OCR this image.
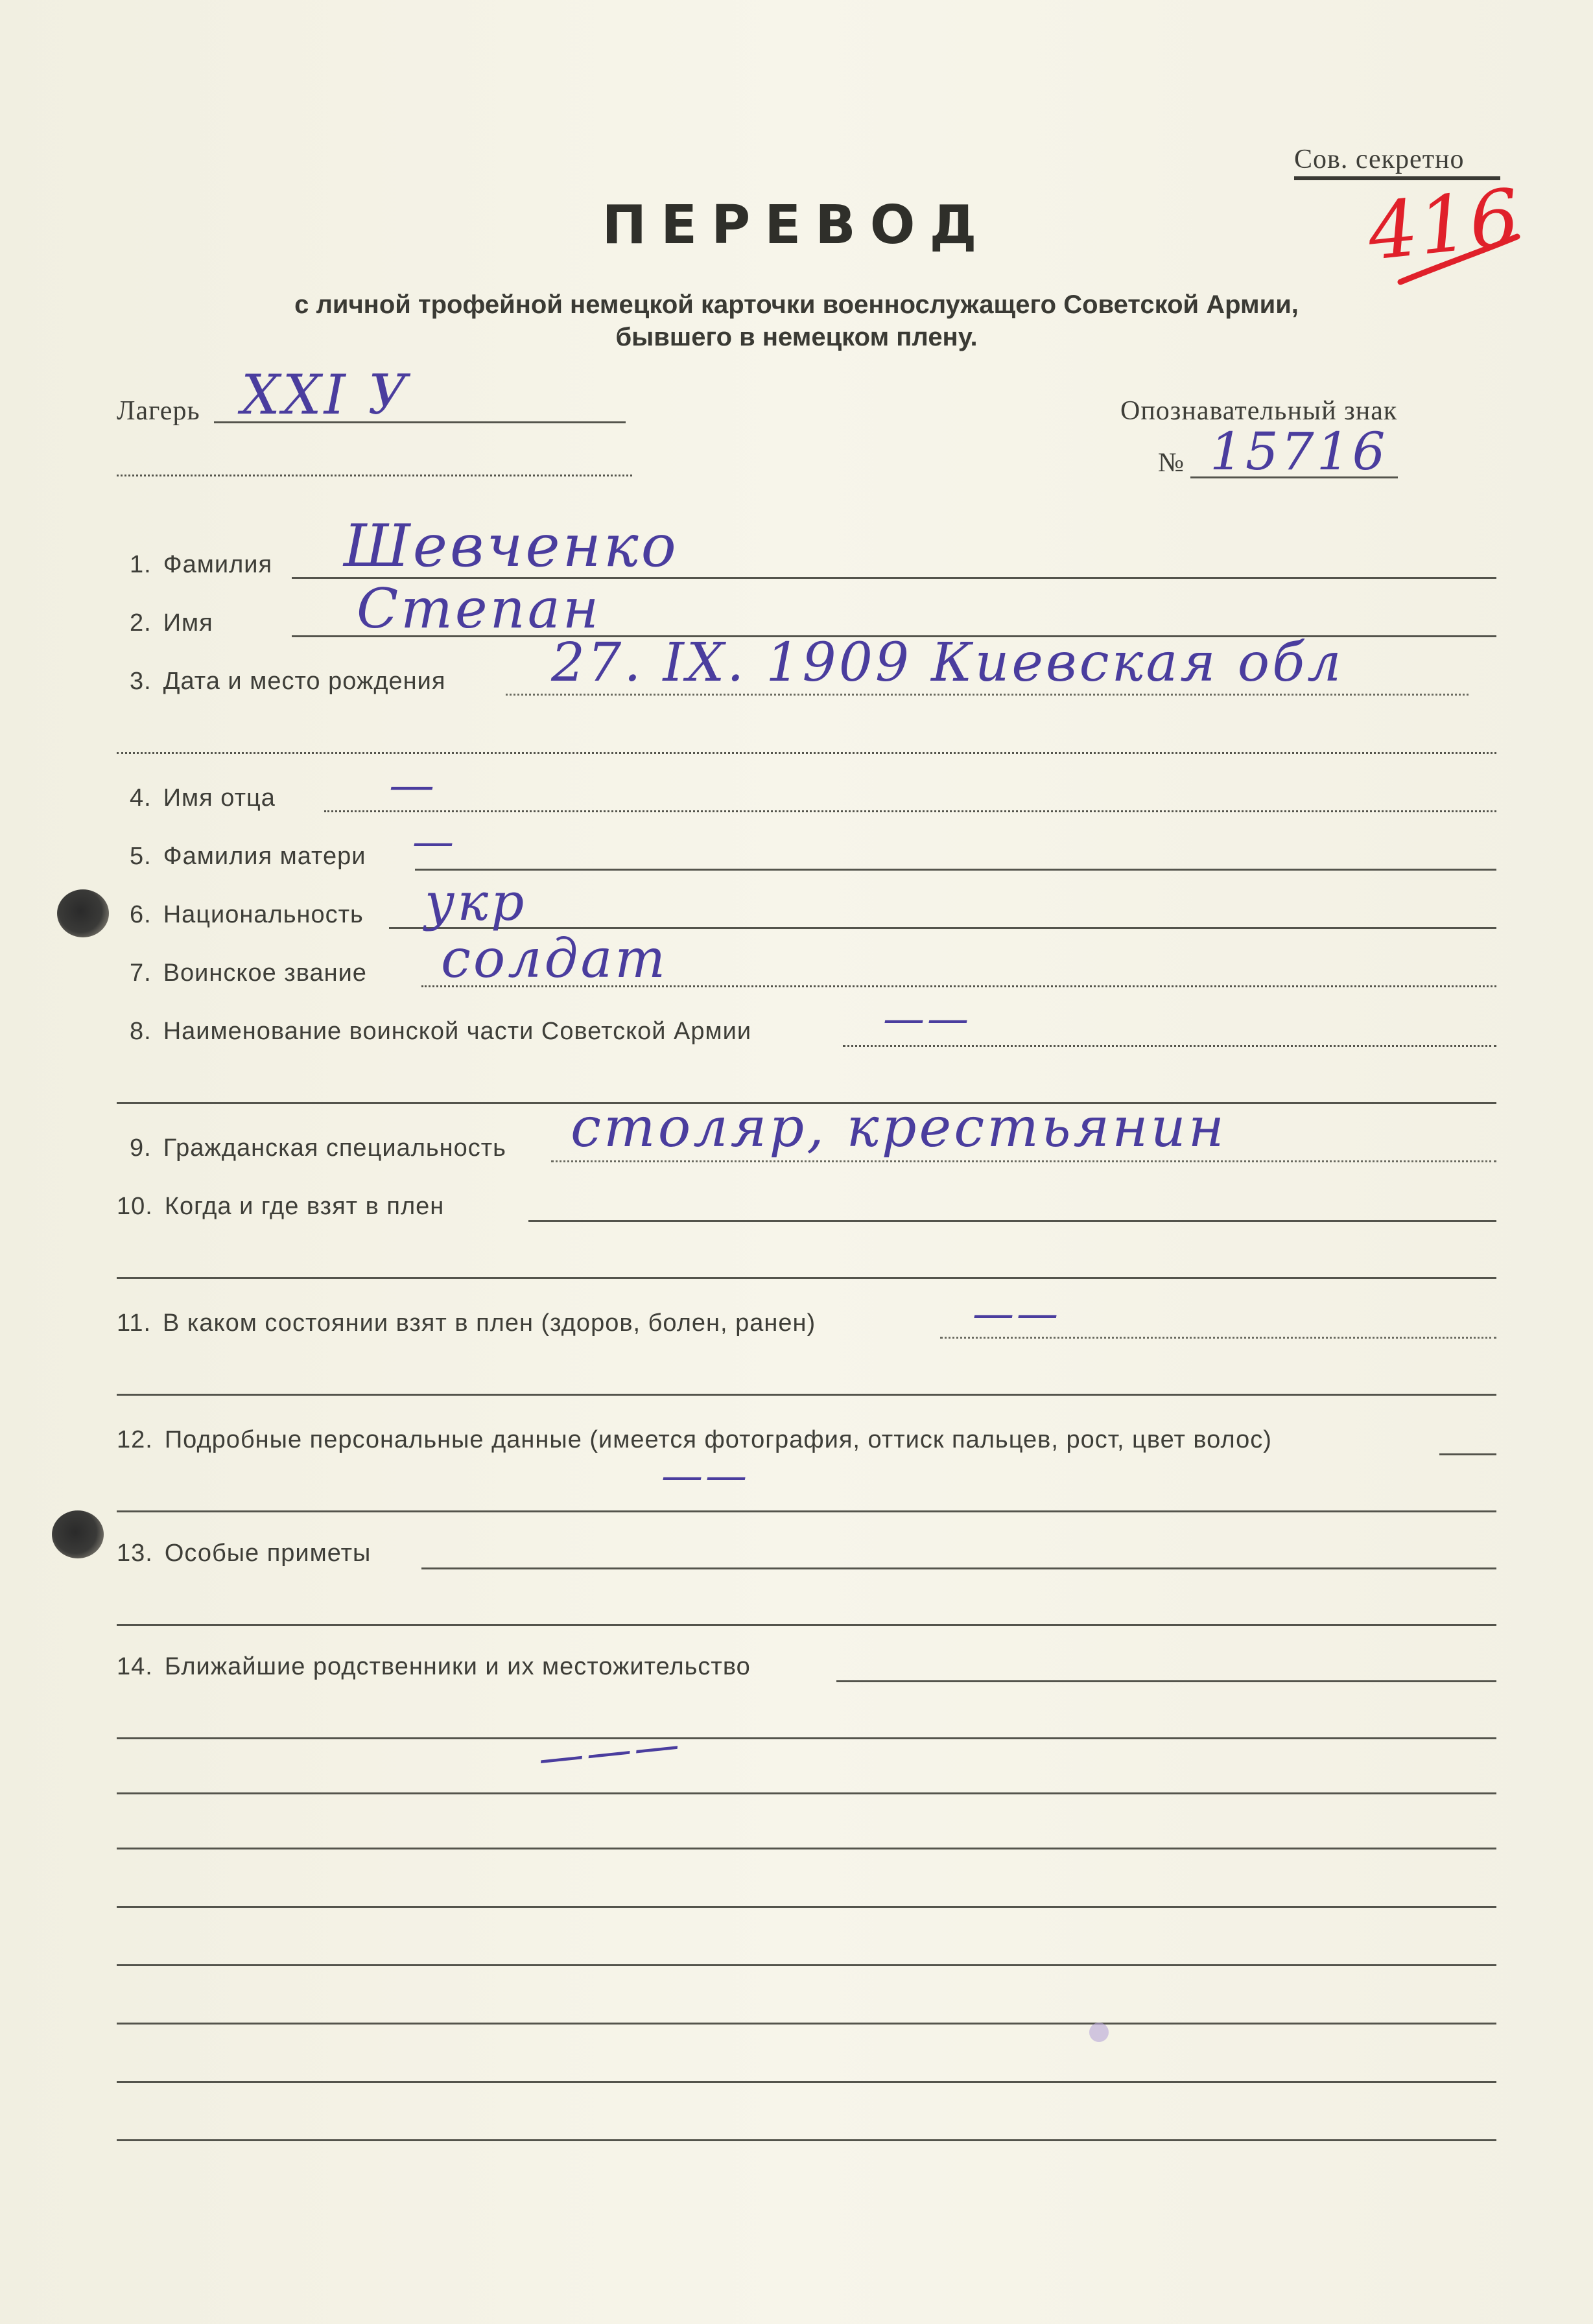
Сов. секретно
416
ПЕРЕВОД
с личной трофейной немецкой карточки военнослужащего Советской Армии,
бывшего в немецком плену.
Лагерь XXI У	Опознавательный знак
№ 15716
1. Фамилия Шевченко
2. Имя	Степан
3. Дата и место рождения 27. IX. 1909 Киевская обл
4. Имя отца	—
5. Фамилия матери —
6. Национальность укр
7. Воинское звание солдат
8. Наименование воинской части Советской Армии	——
9. Гражданская специальность столяр, крестьянин
10. Когда и где взят в плен
11. В каком состоянии взят в плен (здоров, болен, ранен)	——
12. Подробные персональные данные (имеется фотография, оттиск пальцев, рост, цвет волос)
——
13. Особые приметы
14. Ближайшие родственники и их местожительство
———
